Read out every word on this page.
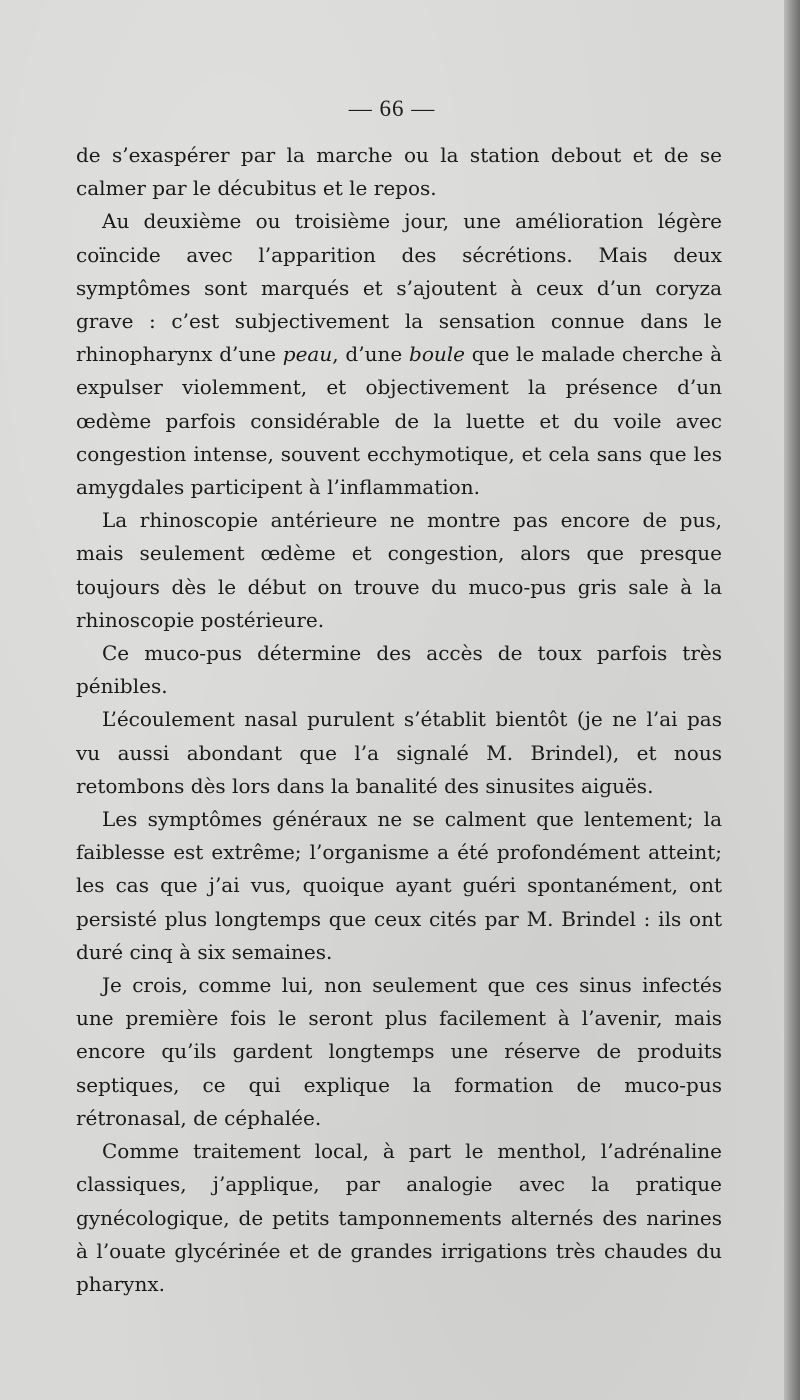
— 66 —

de s’exaspérer par la marche ou la station debout et de se calmer par le décubitus et le repos.

Au deuxième ou troisième jour, une amélioration légère coïncide avec l’apparition des sécrétions. Mais deux symptômes sont marqués et s’ajoutent à ceux d’un coryza grave : c’est subjectivement la sensation connue dans le rhinopharynx d’une peau, d’une boule que le malade cherche à expulser violemment, et objectivement la présence d’un œdème parfois considérable de la luette et du voile avec congestion intense, souvent ecchymotique, et cela sans que les amygdales participent à l’inflammation.

La rhinoscopie antérieure ne montre pas encore de pus, mais seulement œdème et congestion, alors que presque toujours dès le début on trouve du muco-pus gris sale à la rhinoscopie postérieure.

Ce muco-pus détermine des accès de toux parfois très pénibles.

L’écoulement nasal purulent s’établit bientôt (je ne l’ai pas vu aussi abondant que l’a signalé M. Brindel), et nous retombons dès lors dans la banalité des sinusites aiguës.

Les symptômes généraux ne se calment que lentement; la faiblesse est extrême; l’organisme a été profondément atteint; les cas que j’ai vus, quoique ayant guéri spontanément, ont persisté plus longtemps que ceux cités par M. Brindel : ils ont duré cinq à six semaines.

Je crois, comme lui, non seulement que ces sinus infectés une première fois le seront plus facilement à l’avenir, mais encore qu’ils gardent longtemps une réserve de produits septiques, ce qui explique la formation de muco-pus rétronasal, de céphalée.

Comme traitement local, à part le menthol, l’adrénaline classiques, j’applique, par analogie avec la pratique gynécologique, de petits tamponnements alternés des narines à l’ouate glycérinée et de grandes irrigations très chaudes du pharynx.
